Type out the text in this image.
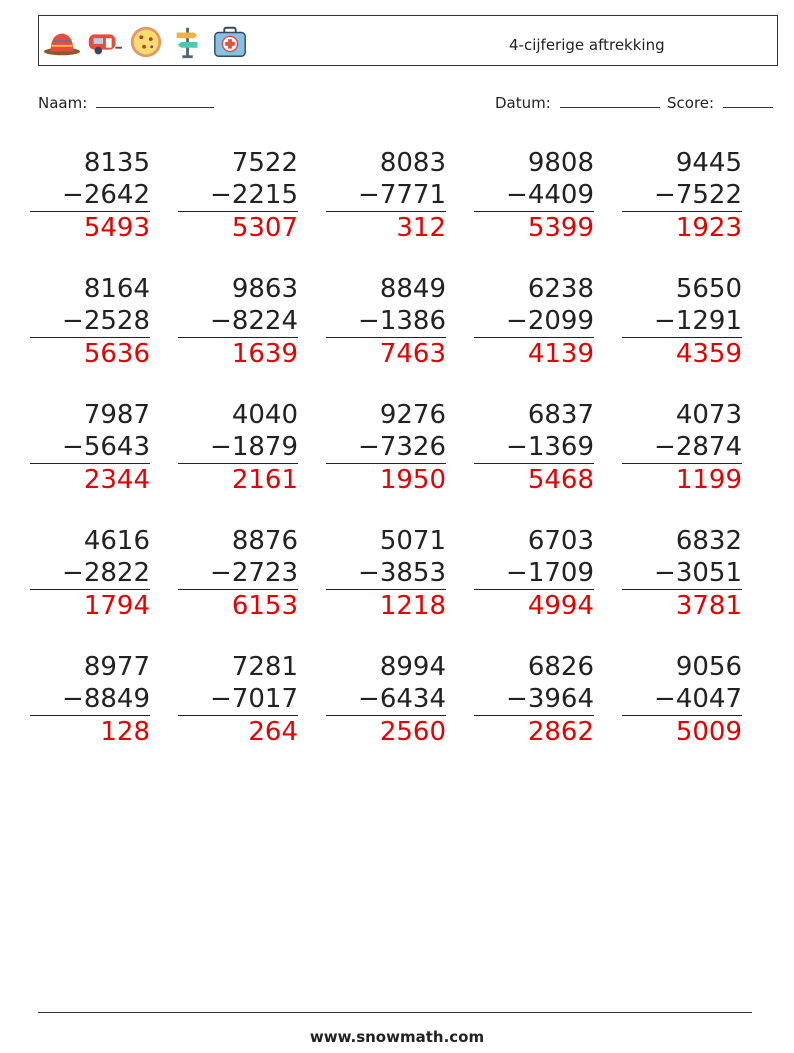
4-cijferige aftrekking
Naam:	Datum:	Score:
8135
−2642
5493
7522
−2215
5307
8083
−7771
312
9808
−4409
5399
9445
−7522
1923
8164
−2528
5636
9863
−8224
1639
8849
−1386
7463
6238
−2099
4139
5650
−1291
4359
7987
−5643
2344
4040
−1879
2161
9276
−7326
1950
6837
−1369
5468
4073
−2874
1199
4616
−2822
1794
8876
−2723
6153
5071
−3853
1218
6703
−1709
4994
6832
−3051
3781
8977
−8849
128
7281
−7017
264
8994
−6434
2560
6826
−3964
2862
9056
−4047
5009
www.snowmath.com
